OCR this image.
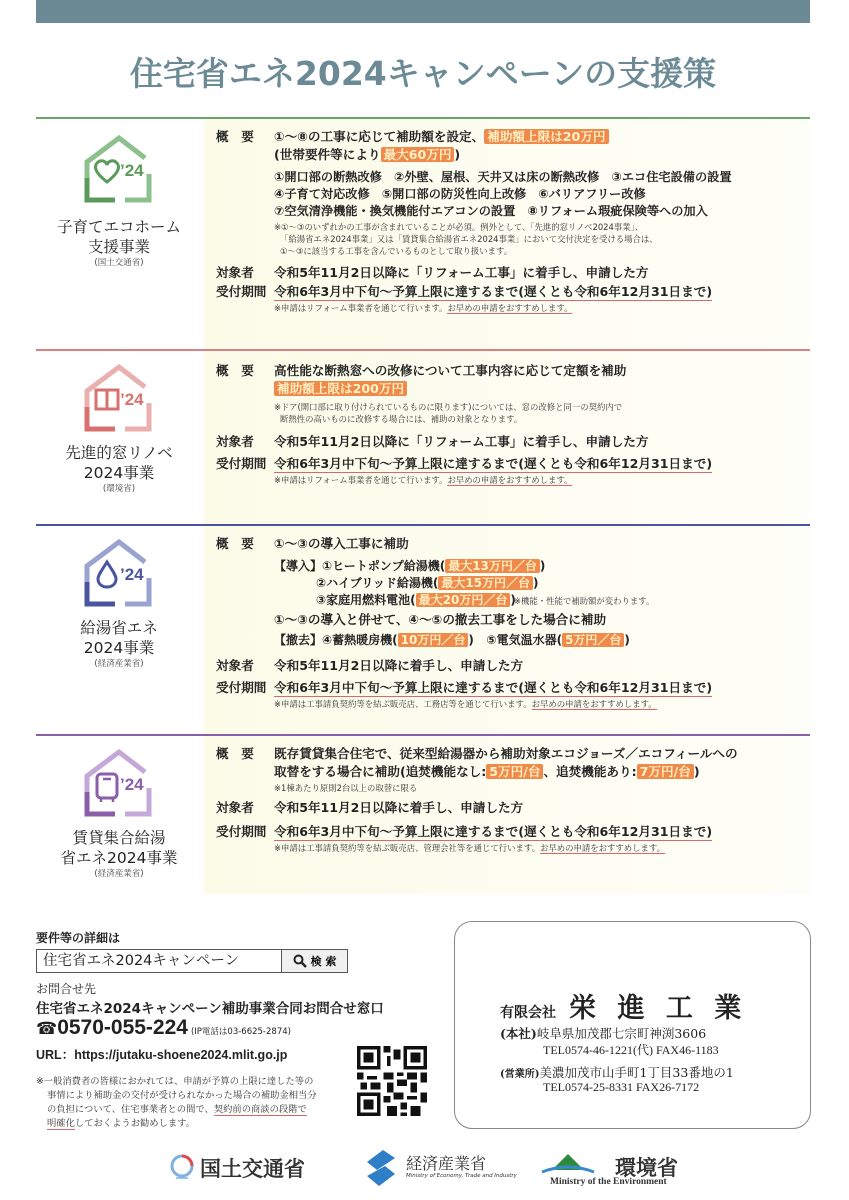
住宅省エネ2024キャンペーンの支援策
’24
子育てエコホーム
支援事業
(国土交通省)
概　要 ①〜⑧の工事に応じて補助額を設定、 補助額上限は20万円
(世帯要件等により 最大60万円 )
①開口部の断熱改修　②外壁、屋根、天井又は床の断熱改修　③エコ住宅設備の設置
④子育て対応改修　⑤開口部の防災性向上改修　⑥バリアフリー改修
⑦空気清浄機能・換気機能付エアコンの設置　⑧リフォーム瑕疵保険等への加入
※①〜③のいずれかの工事が含まれていることが必須。例外として、「先進的窓リノベ2024事業」、
「給湯省エネ2024事業」又は「賃貸集合給湯省エネ2024事業」において交付決定を受ける場合は、
①〜③に該当する工事を含んでいるものとして取り扱います。
対象者 令和5年11月2日以降に「リフォーム工事」に着手し、申請した方
受付期間 令和6年3月中下旬〜予算上限に達するまで(遅くとも令和6年12月31日まで)
※申請はリフォーム事業者を通じて行います。お早めの申請をおすすめします。
’24
先進的窓リノベ
2024事業
(環境省)
概　要 高性能な断熱窓への改修について工事内容に応じて定額を補助
補助額上限は200万円
※ドア(開口部に取り付けられているものに限ります)については、窓の改修と同一の契約内で
断熱性の高いものに改修する場合には、補助の対象となります。
対象者 令和5年11月2日以降に「リフォーム工事」に着手し、申請した方
受付期間 令和6年3月中下旬〜予算上限に達するまで(遅くとも令和6年12月31日まで)
※申請はリフォーム事業者を通じて行います。お早めの申請をおすすめします。
’24
給湯省エネ
2024事業
(経済産業省)
概　要 ①〜③の導入工事に補助
【導入】①ヒートポンプ給湯機( 最大13万円／台 )
②ハイブリッド給湯機( 最大15万円／台 )
③家庭用燃料電池( 最大20万円／台 )
※機能・性能で補助額が変わります。
①〜③の導入と併せて、④〜⑤の撤去工事をした場合に補助
【撤去】④蓄熱暖房機( 10万円／台 ) ⑤電気温水器( 5万円／台 )
対象者 令和5年11月2日以降に着手し、申請した方
受付期間 令和6年3月中下旬〜予算上限に達するまで(遅くとも令和6年12月31日まで)
※申請は工事請負契約等を結ぶ販売店、工務店等を通じて行います。お早めの申請をおすすめします。
’24
賃貸集合給湯
省エネ2024事業
(経済産業省)
概　要 既存賃貸集合住宅で、従来型給湯器から補助対象エコジョーズ／エコフィールへの
取替をする場合に補助(追焚機能なし: 5万円/台 、追焚機能あり: 7万円/台 )
※1棟あたり原則2台以上の取替に限る
対象者 令和5年11月2日以降に着手し、申請した方
受付期間 令和6年3月中下旬〜予算上限に達するまで(遅くとも令和6年12月31日まで)
※申請は工事請負契約等を結ぶ販売店、管理会社等を通じて行います。お早めの申請をおすすめします。
要件等の詳細は
住宅省エネ2024キャンペーン
検 索
お問合せ先
住宅省エネ2024キャンペーン補助事業合同お問合せ窓口
☎0570-055-224 (IP電話は03-6625-2874)
URL：https://jutaku-shoene2024.mlit.go.jp
※一般消費者の皆様におかれては、申請が予算の上限に達した等の
事情により補助金の交付が受けられなかった場合の補助金相当分
の負担について、住宅事業者との間で、契約前の商談の段階で
明確化しておくようお勧めします。
有限会社 栄 進 工 業
(本社)岐阜県加茂郡七宗町神渕3606
TEL0574-46-1221(代) FAX46-1183
(営業所)美濃加茂市山手町1丁目33番地の1
TEL0574-25-8331 FAX26-7172
国土交通省	経済産業省
Ministry of Economy, Trade and Industry	環境省
Ministry of the Environment
